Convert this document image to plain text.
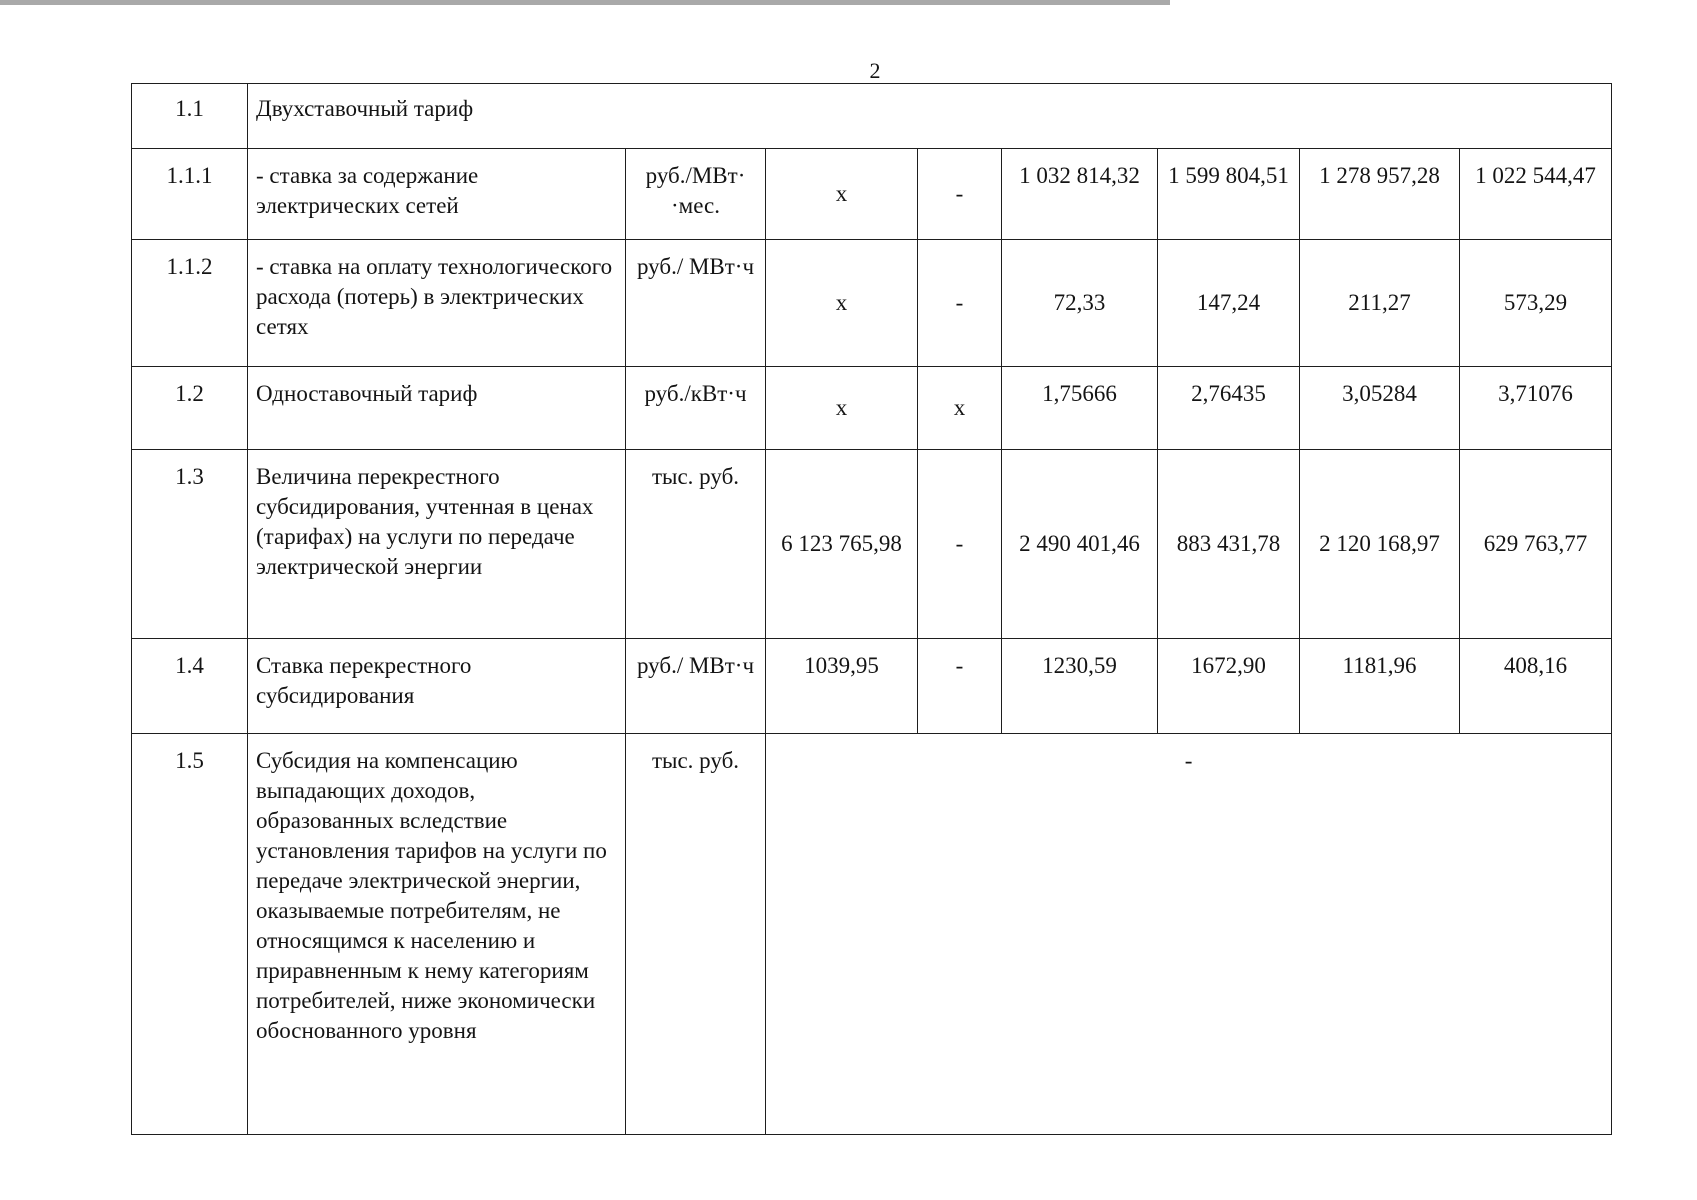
2
1.1	Двухставочный тариф							
1.1.1	- ставка за содержание электрических сетей	руб./МВт· ·мес.	х	-	1 032 814,32	1 599 804,51	1 278 957,28	1 022 544,47
1.1.2	- ставка на оплату технологического расхода (потерь) в электрических сетях	руб./ МВт·ч	х	-	72,33	147,24	211,27	573,29
1.2	Одноставочный тариф	руб./кВт·ч	х	х	1,75666	2,76435	3,05284	3,71076
1.3	Величина перекрестного субсидирования, учтенная в ценах (тарифах) на услуги по передаче электрической энергии	тыс. руб.	6 123 765,98	-	2 490 401,46	883 431,78	2 120 168,97	629 763,77
1.4	Ставка перекрестного субсидирования	руб./ МВт·ч	1039,95	-	1230,59	1672,90	1181,96	408,16
1.5	Субсидия на компенсацию выпадающих доходов, образованных вследствие установления тарифов на услуги по передаче электрической энергии, оказываемые потребителям, не относящимся к населению и приравненным к нему категориям потребителей, ниже экономически обоснованного уровня	тыс. руб.	-					
